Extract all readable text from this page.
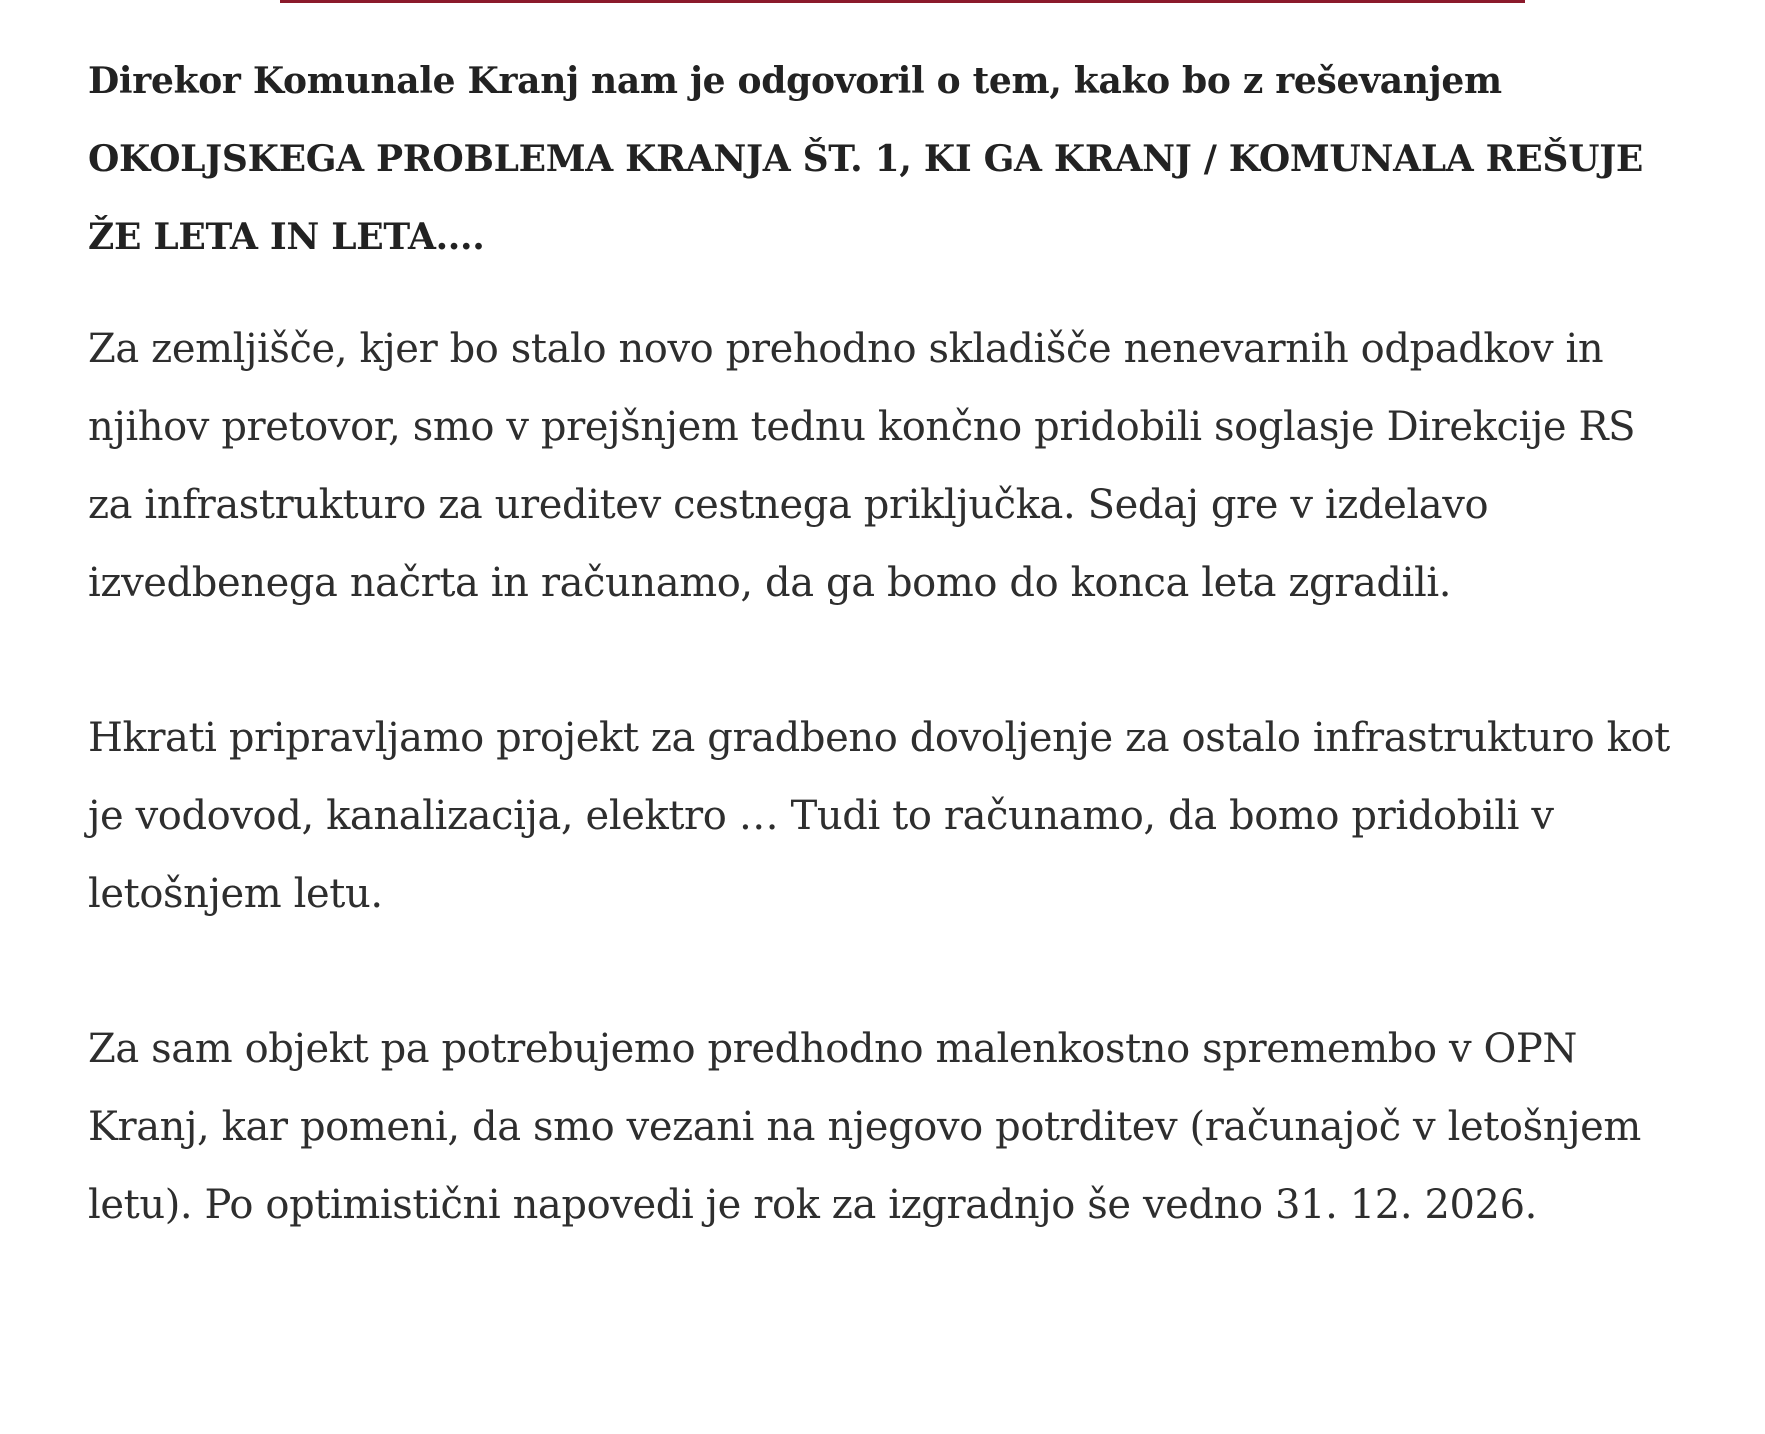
Direkor Komunale Kranj nam je odgovoril o tem, kako bo z reševanjem OKOLJSKEGA PROBLEMA KRANJA ŠT. 1, KI GA KRANJ / KOMUNALA REŠUJE ŽE LETA IN LETA....

Za zemljišče, kjer bo stalo novo prehodno skladišče nenevarnih odpadkov in njihov pretovor, smo v prejšnjem tednu končno pridobili soglasje Direkcije RS za infrastrukturo za ureditev cestnega priključka. Sedaj gre v izdelavo izvedbenega načrta in računamo, da ga bomo do konca leta zgradili.

Hkrati pripravljamo projekt za gradbeno dovoljenje za ostalo infrastrukturo kot je vodovod, kanalizacija, elektro … Tudi to računamo, da bomo pridobili v letošnjem letu.

Za sam objekt pa potrebujemo predhodno malenkostno spremembo v OPN Kranj, kar pomeni, da smo vezani na njegovo potrditev (računajoč v letošnjem letu). Po optimistični napovedi je rok za izgradnjo še vedno 31. 12. 2026.
